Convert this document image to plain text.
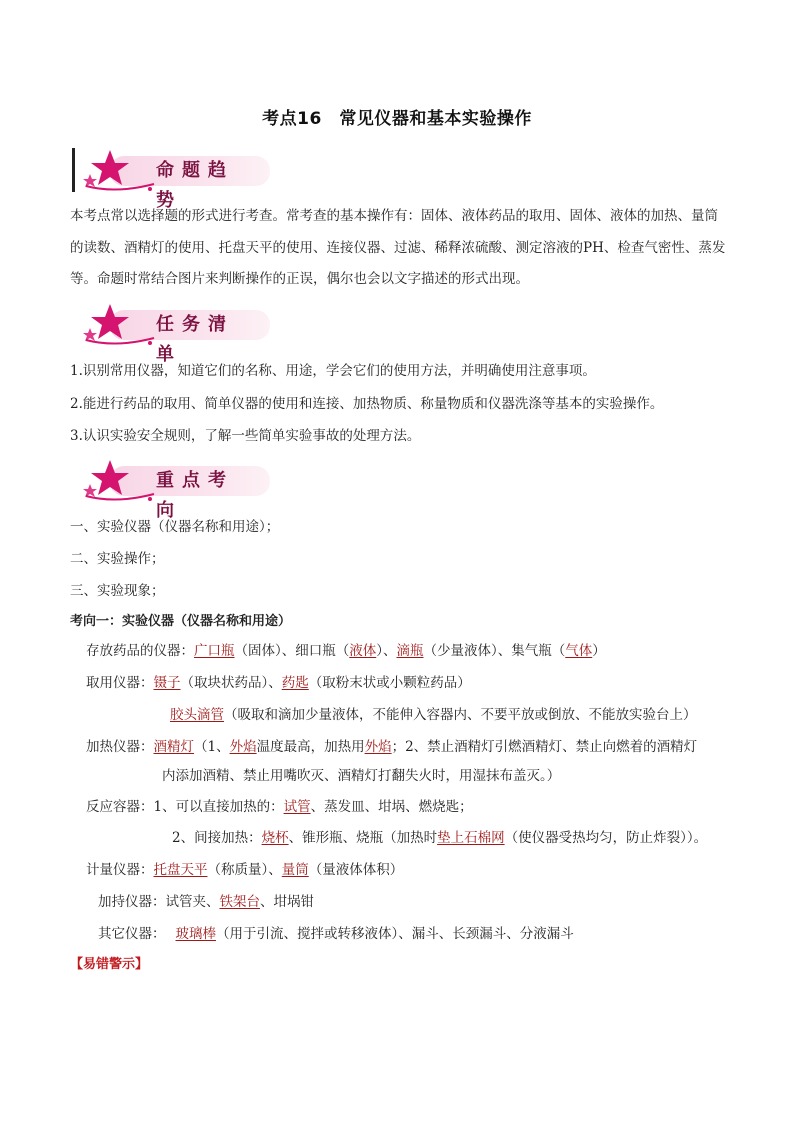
考点16　常见仪器和基本实验操作
命题趋势
本考点常以选择题的形式进行考查。常考查的基本操作有：固体、液体药品的取用、固体、液体的加热、量筒的读数、酒精灯的使用、托盘天平的使用、连接仪器、过滤、稀释浓硫酸、测定溶液的PH、检查气密性、蒸发等。命题时常结合图片来判断操作的正误，偶尔也会以文字描述的形式出现。
任务清单
1.识别常用仪器，知道它们的名称、用途，学会它们的使用方法，并明确使用注意事项。
2.能进行药品的取用、简单仪器的使用和连接、加热物质、称量物质和仪器洗涤等基本的实验操作。
3.认识实验安全规则，了解一些简单实验事故的处理方法。
重点考向
一、实验仪器（仪器名称和用途）；
二、实验操作；
三、实验现象；
考向一：实验仪器（仪器名称和用途）
存放药品的仪器：广口瓶（固体）、细口瓶（液体）、滴瓶（少量液体）、集气瓶（气体）
取用仪器：镊子（取块状药品）、药匙（取粉末状或小颗粒药品）
胶头滴管（吸取和滴加少量液体，不能伸入容器内、不要平放或倒放、不能放实验台上）
加热仪器：酒精灯（1、外焰温度最高，加热用外焰；2、禁止酒精灯引燃酒精灯、禁止向燃着的酒精灯
内添加酒精、禁止用嘴吹灭、酒精灯打翻失火时，用湿抹布盖灭。）
反应容器：1、可以直接加热的：试管、蒸发皿、坩埚、燃烧匙；
2、间接加热：烧杯、锥形瓶、烧瓶（加热时垫上石棉网（使仪器受热均匀，防止炸裂））。
计量仪器：托盘天平（称质量）、量筒（量液体体积）
加持仪器：试管夹、铁架台、坩埚钳
其它仪器： 玻璃棒（用于引流、搅拌或转移液体）、漏斗、长颈漏斗、分液漏斗
【易错警示】
